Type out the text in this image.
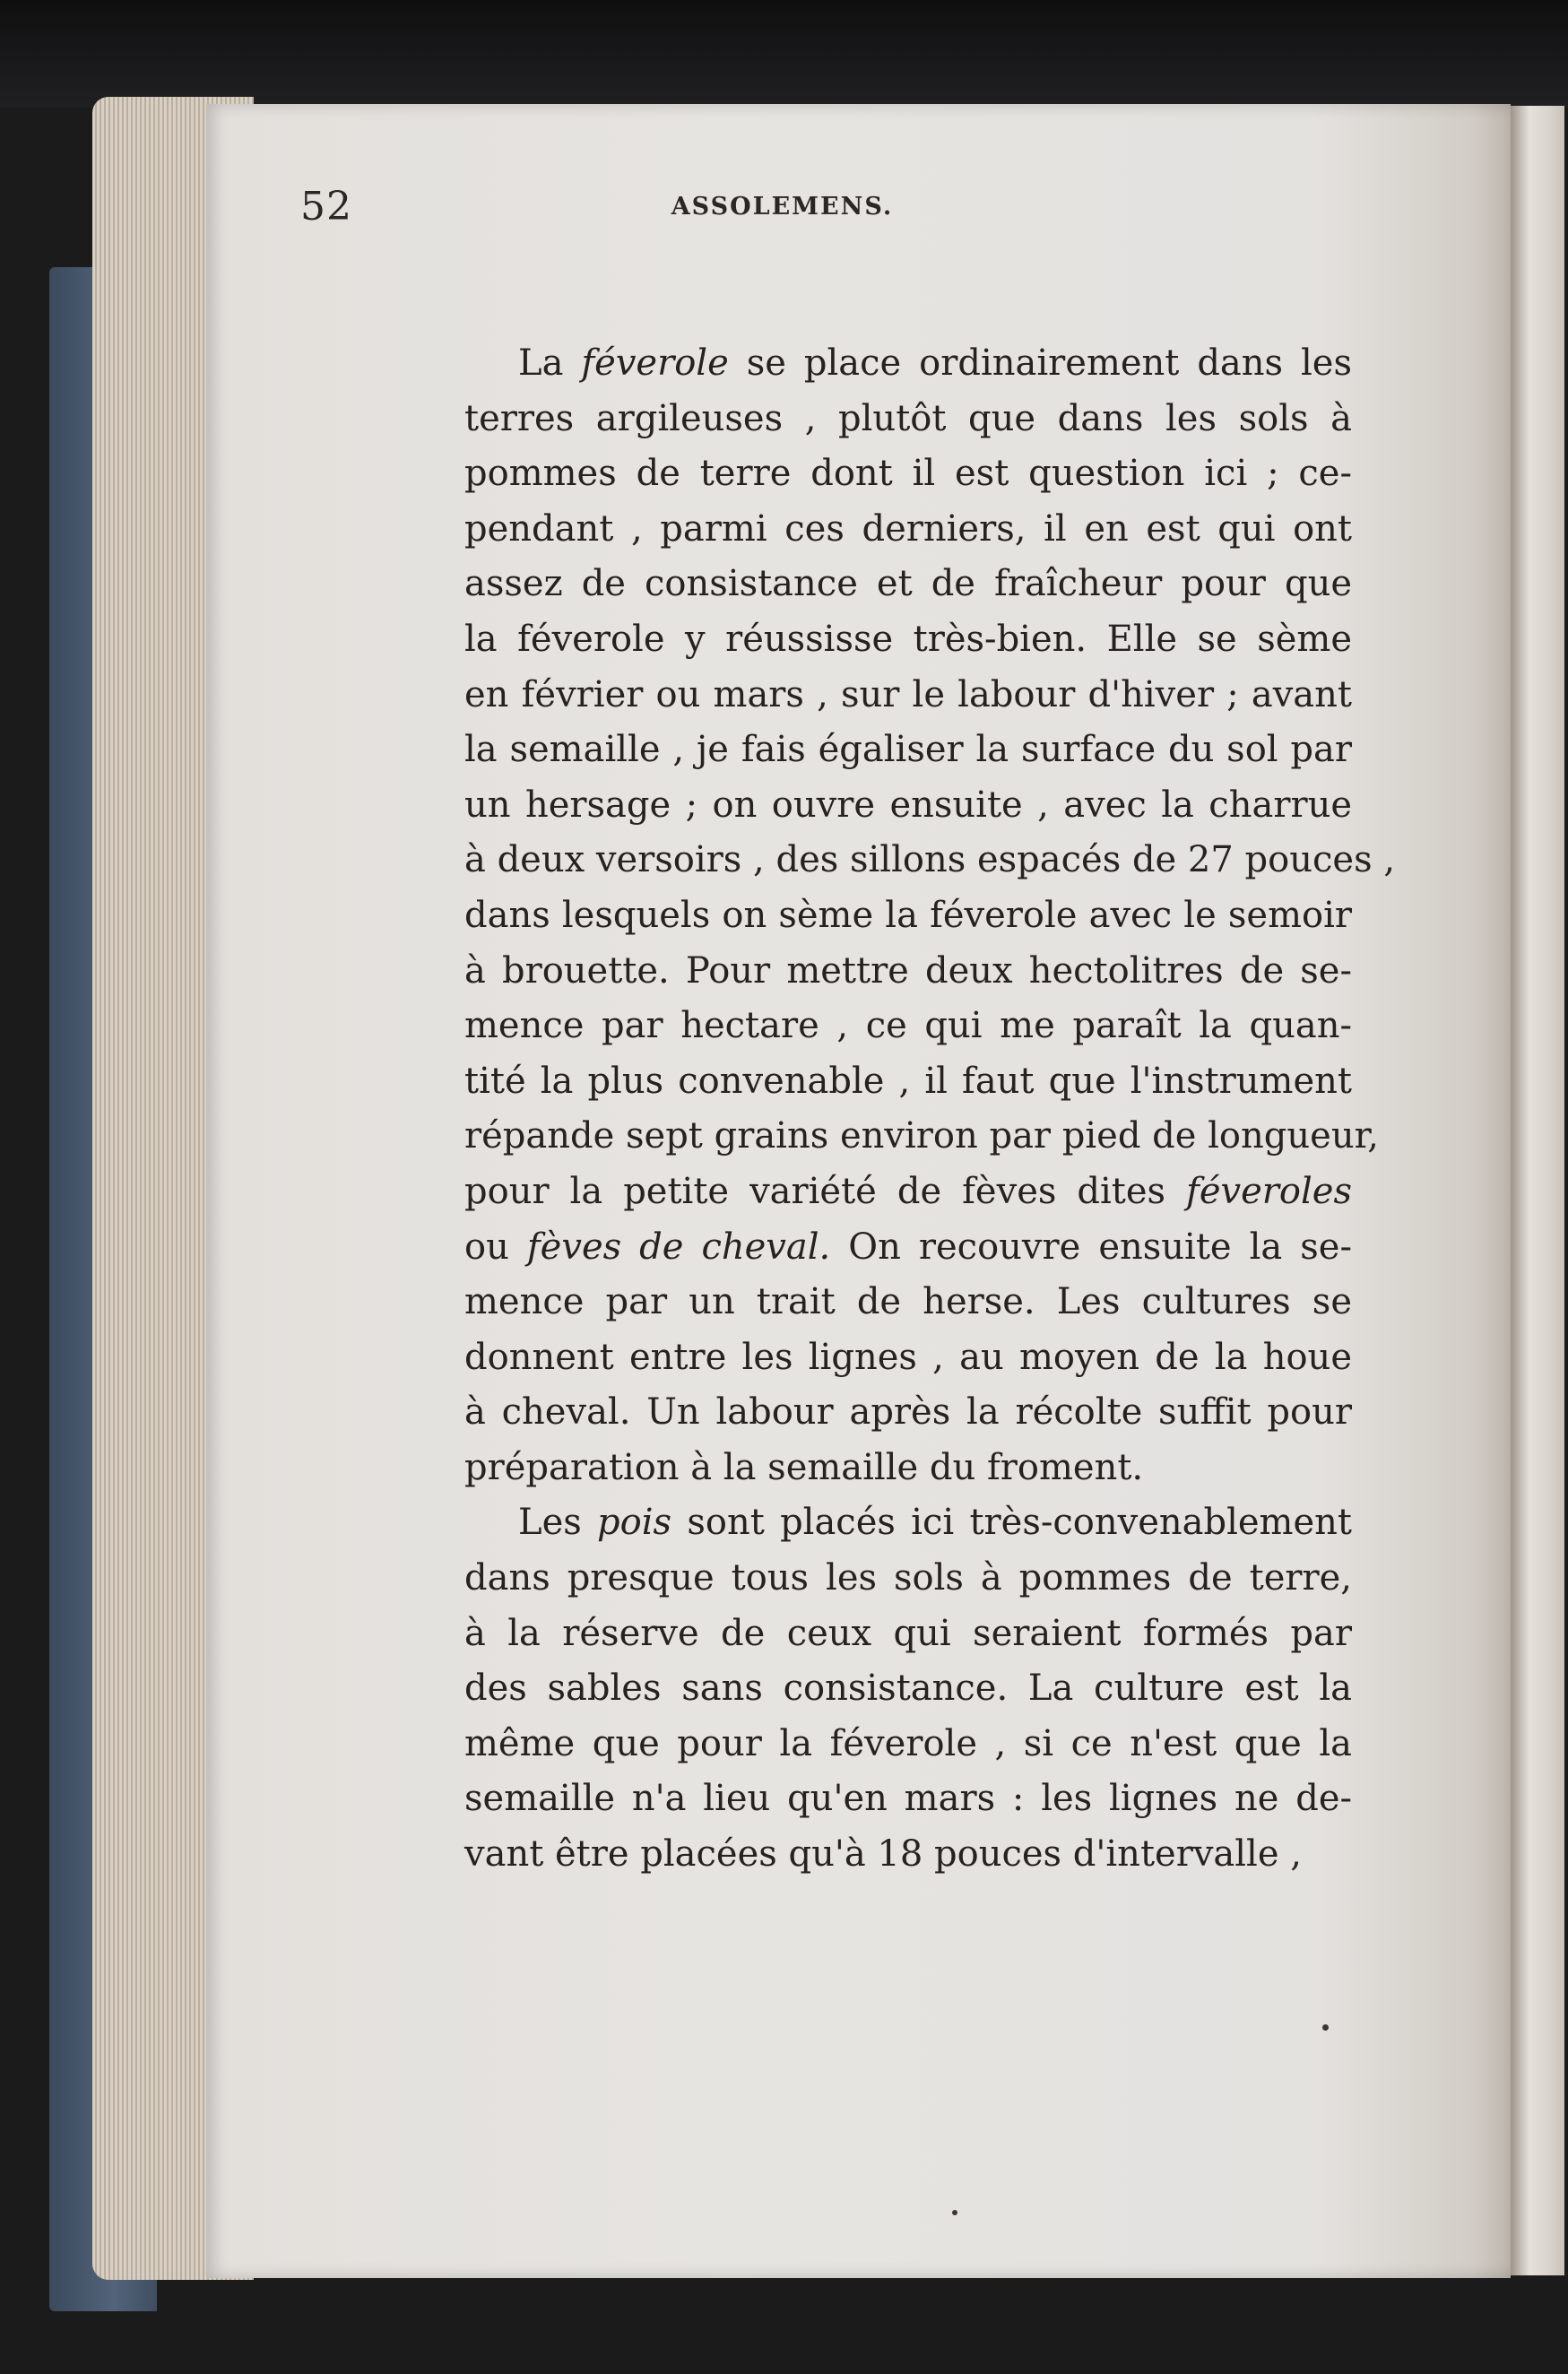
52	ASSOLEMENS.
La féverole se place ordinairement dans les
terres argileuses , plutôt que dans les sols à
pommes de terre dont il est question ici ; ce-
pendant , parmi ces derniers, il en est qui ont
assez de consistance et de fraîcheur pour que
la féverole y réussisse très-bien. Elle se sème
en février ou mars , sur le labour d'hiver ; avant
la semaille , je fais égaliser la surface du sol par
un hersage ; on ouvre ensuite , avec la charrue
à deux versoirs , des sillons espacés de 27 pouces ,
dans lesquels on sème la féverole avec le semoir
à brouette. Pour mettre deux hectolitres de se-
mence par hectare , ce qui me paraît la quan-
tité la plus convenable , il faut que l'instrument
répande sept grains environ par pied de longueur,
pour la petite variété de fèves dites féveroles
ou fèves de cheval. On recouvre ensuite la se-
mence par un trait de herse. Les cultures se
donnent entre les lignes , au moyen de la houe
à cheval. Un labour après la récolte suffit pour
préparation à la semaille du froment.
Les pois sont placés ici très-convenablement
dans presque tous les sols à pommes de terre,
à la réserve de ceux qui seraient formés par
des sables sans consistance. La culture est la
même que pour la féverole , si ce n'est que la
semaille n'a lieu qu'en mars : les lignes ne de-
vant être placées qu'à 18 pouces d'intervalle ,
